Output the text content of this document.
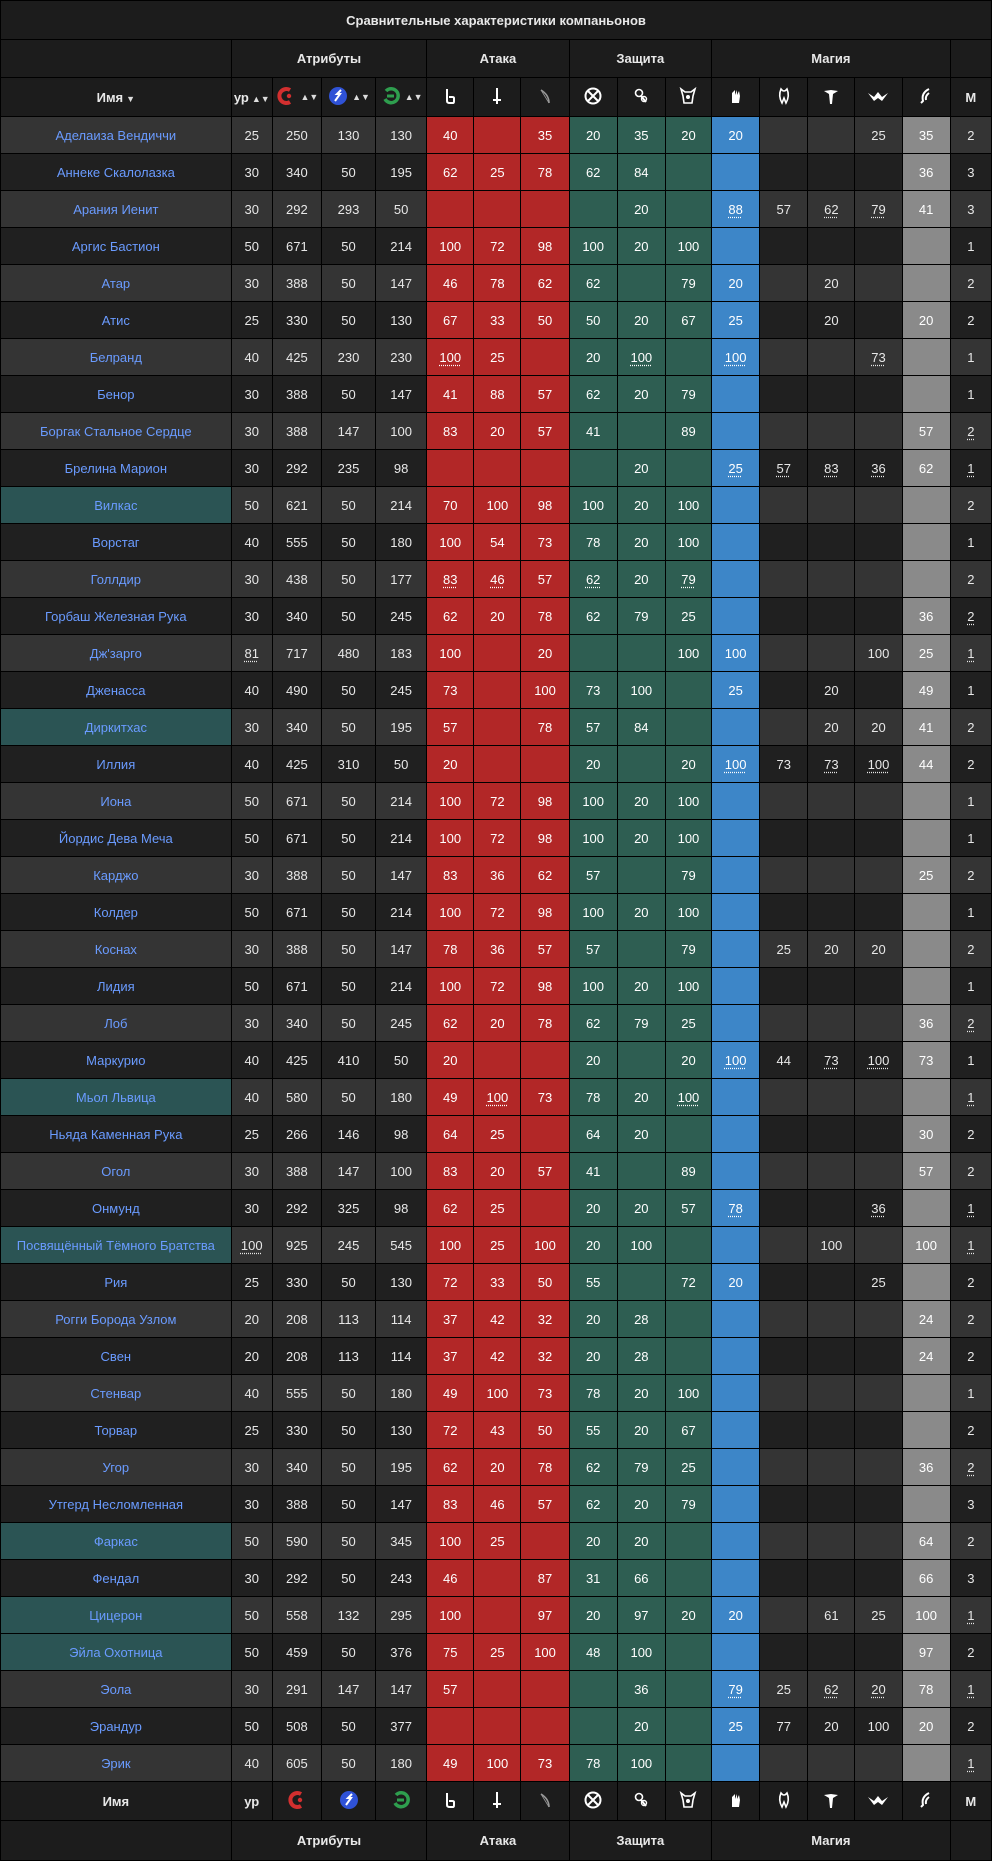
Сравнительные характеристики компаньонов																
	Атрибуты				Атака			Защита			Магия					
Имя ▼	ур ▲▼	▲▼	▲▼	▲▼												М
Аделаиза Вендиччи	25	250	130	130	40		35	20	35	20	20			25	35	2
Аннеке Скалолазка	30	340	50	195	62	25	78	62	84						36	3
Арания Иенит	30	292	293	50					20		88	57	62	79	41	3
Аргис Бастион	50	671	50	214	100	72	98	100	20	100						1
Атар	30	388	50	147	46	78	62	62		79	20		20			2
Атис	25	330	50	130	67	33	50	50	20	67	25		20		20	2
Белранд	40	425	230	230	100	25		20	100		100			73		1
Бенор	30	388	50	147	41	88	57	62	20	79						1
Боргак Стальное Сердце	30	388	147	100	83	20	57	41		89					57	2
Брелина Марион	30	292	235	98					20		25	57	83	36	62	1
Вилкас	50	621	50	214	70	100	98	100	20	100						2
Ворстаг	40	555	50	180	100	54	73	78	20	100						1
Голлдир	30	438	50	177	83	46	57	62	20	79						2
Горбаш Железная Рука	30	340	50	245	62	20	78	62	79	25					36	2
Дж'зарго	81	717	480	183	100		20			100	100			100	25	1
Дженасса	40	490	50	245	73		100	73	100		25		20		49	1
Диркитхас	30	340	50	195	57		78	57	84				20	20	41	2
Иллия	40	425	310	50	20			20		20	100	73	73	100	44	2
Иона	50	671	50	214	100	72	98	100	20	100						1
Йордис Дева Меча	50	671	50	214	100	72	98	100	20	100						1
Карджо	30	388	50	147	83	36	62	57		79					25	2
Колдер	50	671	50	214	100	72	98	100	20	100						1
Коснах	30	388	50	147	78	36	57	57		79		25	20	20		2
Лидия	50	671	50	214	100	72	98	100	20	100						1
Лоб	30	340	50	245	62	20	78	62	79	25					36	2
Маркурио	40	425	410	50	20			20		20	100	44	73	100	73	1
Мьол Львица	40	580	50	180	49	100	73	78	20	100						1
Ньяда Каменная Рука	25	266	146	98	64	25		64	20						30	2
Огол	30	388	147	100	83	20	57	41		89					57	2
Онмунд	30	292	325	98	62	25		20	20	57	78			36		1
Посвящённый Тёмного Братства	100	925	245	545	100	25	100	20	100				100		100	1
Рия	25	330	50	130	72	33	50	55		72	20			25		2
Рогги Борода Узлом	20	208	113	114	37	42	32	20	28						24	2
Свен	20	208	113	114	37	42	32	20	28						24	2
Стенвар	40	555	50	180	49	100	73	78	20	100						1
Торвар	25	330	50	130	72	43	50	55	20	67						2
Угор	30	340	50	195	62	20	78	62	79	25					36	2
Утгерд Несломленная	30	388	50	147	83	46	57	62	20	79						3
Фаркас	50	590	50	345	100	25		20	20						64	2
Фендал	30	292	50	243	46		87	31	66						66	3
Цицерон	50	558	132	295	100		97	20	97	20	20		61	25	100	1
Эйла Охотница	50	459	50	376	75	25	100	48	100						97	2
Эола	30	291	147	147	57				36		79	25	62	20	78	1
Эрандур	50	508	50	377					20		25	77	20	100	20	2
Эрик	40	605	50	180	49	100	73	78	100							1
Имя	ур															М
	Атрибуты				Атака			Защита			Магия					
